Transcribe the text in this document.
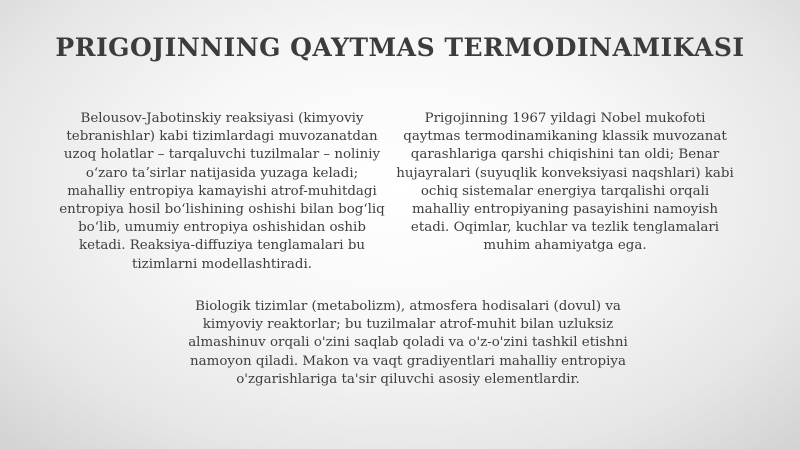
PRIGOJINNING QAYTMAS TERMODINAMIKASI
Belousov-Jabotinskiy reaksiyasi (kimyoviy tebranishlar) kabi tizimlardagi muvozanatdan uzoq holatlar – tarqaluvchi tuzilmalar – noliniy oʻzaro taʼsirlar natijasida yuzaga keladi; mahalliy entropiya kamayishi atrof-muhitdagi entropiya hosil boʻlishining oshishi bilan bogʻliq boʻlib, umumiy entropiya oshishidan oshib ketadi. Reaksiya-diffuziya tenglamalari bu tizimlarni modellashtiradi.
Prigojinning 1967 yildagi Nobel mukofoti qaytmas termodinamikaning klassik muvozanat qarashlariga qarshi chiqishini tan oldi; Benar hujayralari (suyuqlik konveksiyasi naqshlari) kabi ochiq sistemalar energiya tarqalishi orqali mahalliy entropiyaning pasayishini namoyish etadi. Oqimlar, kuchlar va tezlik tenglamalari muhim ahamiyatga ega.
Biologik tizimlar (metabolizm), atmosfera hodisalari (dovul) va kimyoviy reaktorlar; bu tuzilmalar atrof-muhit bilan uzluksiz almashinuv orqali o'zini saqlab qoladi va o'z-o'zini tashkil etishni namoyon qiladi. Makon va vaqt gradiyentlari mahalliy entropiya o'zgarishlariga ta'sir qiluvchi asosiy elementlardir.
